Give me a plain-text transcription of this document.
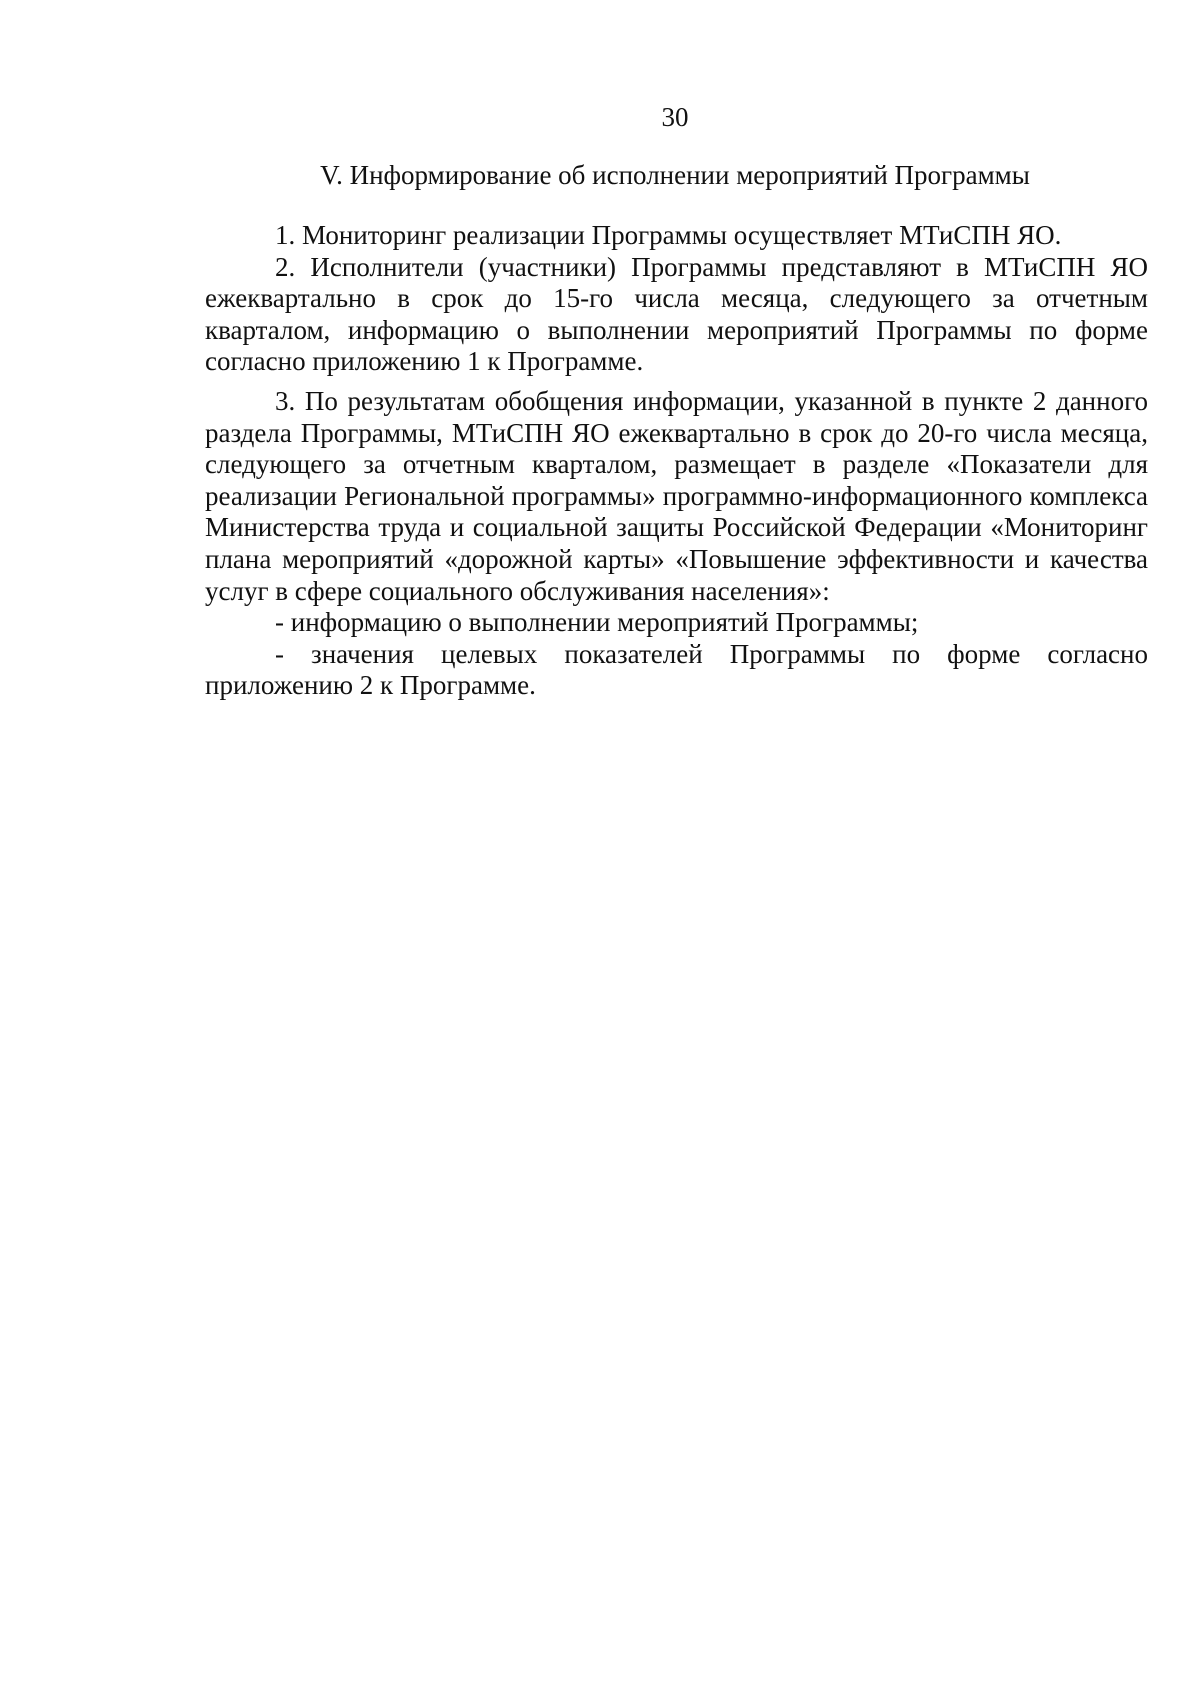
30
V. Информирование об исполнении мероприятий Программы

1. Мониторинг реализации Программы осуществляет МТиСПН ЯО.

2. Исполнители (участники) Программы представляют в МТиСПН ЯО ежеквартально в срок до 15-го числа месяца, следующего за отчетным кварталом, информацию о выполнении мероприятий Программы по форме согласно приложению 1 к Программе.

3. По результатам обобщения информации, указанной в пункте 2 данного раздела Программы, МТиСПН ЯО ежеквартально в срок до 20-го числа месяца, следующего за отчетным кварталом, размещает в разделе «Показатели для реализации Региональной программы» программно-информационного комплекса Министерства труда и социальной защиты Российской Федерации «Мониторинг плана мероприятий «дорожной карты» «Повышение эффективности и качества услуг в сфере социального обслуживания населения»:

- информацию о выполнении мероприятий Программы;

- значения целевых показателей Программы по форме согласно приложению 2 к Программе.
